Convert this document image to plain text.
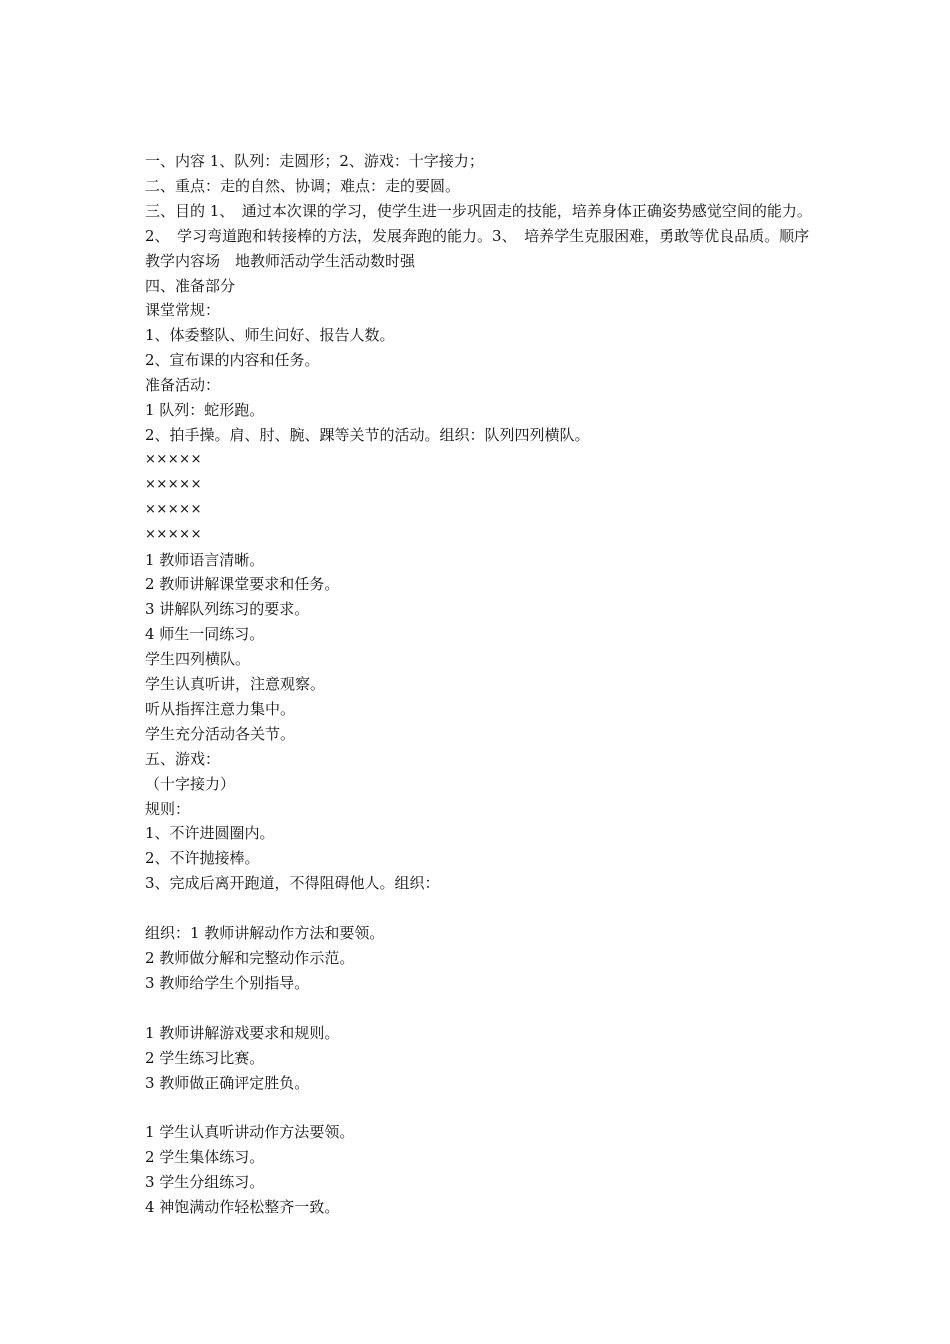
一、内容 1、队列：走圆形；2、游戏：十字接力；

二、重点：走的自然、协调；难点：走的要圆。

三、目的 1、　通过本次课的学习，使学生进一步巩固走的技能，培养身体正确姿势感觉空间的能力。2、　学习弯道跑和转接棒的方法，发展奔跑的能力。3、　培养学生克服困难，勇敢等优良品质。顺序教学内容场　地教师活动学生活动数时强

四、准备部分

课堂常规：

1、体委整队、师生问好、报告人数。

2、宣布课的内容和任务。

准备活动：

1 队列：蛇形跑。

2、拍手操。肩、肘、腕、踝等关节的活动。组织：队列四列横队。

×××××

×××××

×××××

×××××

1 教师语言清晰。

2 教师讲解课堂要求和任务。

3 讲解队列练习的要求。

4 师生一同练习。

学生四列横队。

学生认真听讲，注意观察。

听从指挥注意力集中。

学生充分活动各关节。

五、游戏：

（十字接力）

规则：

1、不许进圆圈内。

2、不许抛接棒。

3、完成后离开跑道，不得阻碍他人。组织：

组织：1 教师讲解动作方法和要领。

2 教师做分解和完整动作示范。

3 教师给学生个别指导。

1 教师讲解游戏要求和规则。

2 学生练习比赛。

3 教师做正确评定胜负。

1 学生认真听讲动作方法要领。

2 学生集体练习。

3 学生分组练习。

4 神饱满动作轻松整齐一致。
